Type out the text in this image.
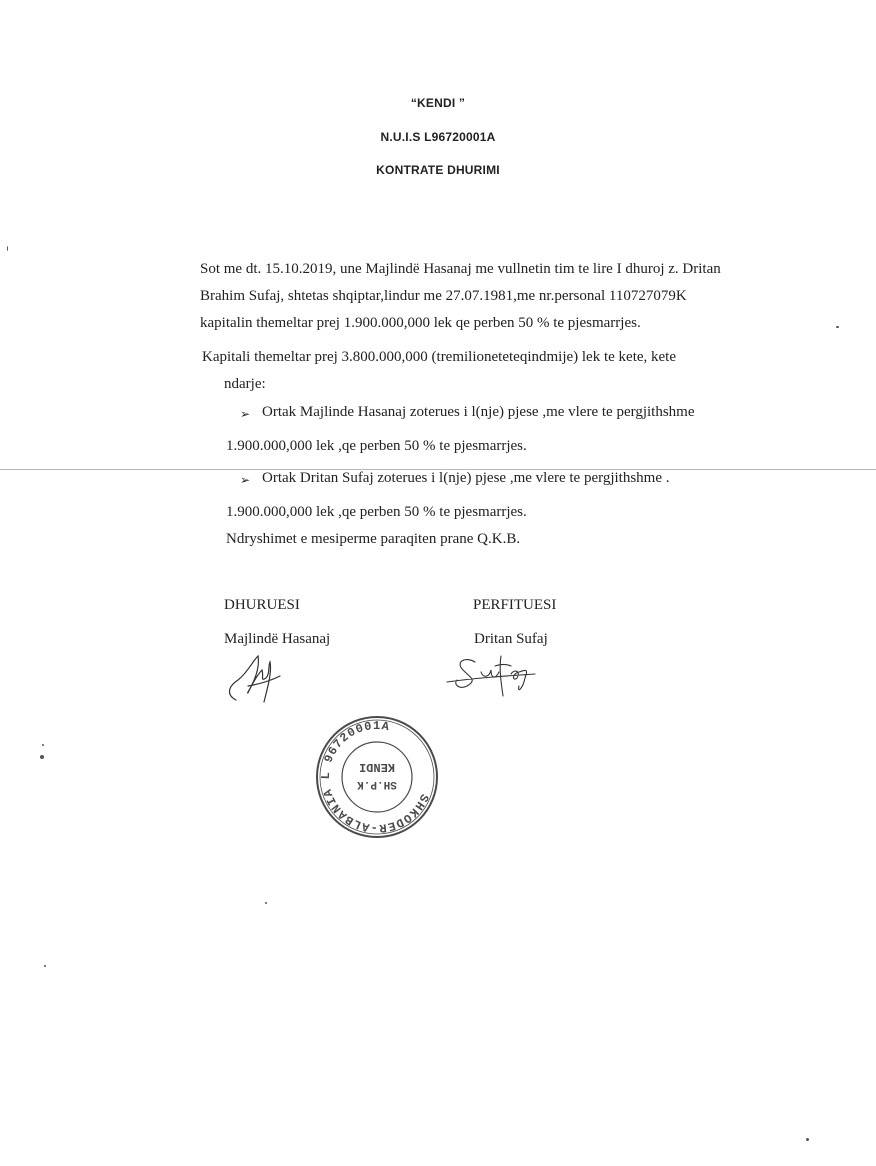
“KENDI ”
N.U.I.S L96720001A
KONTRATE DHURIMI
Sot me dt. 15.10.2019, une Majlindë Hasanaj me vullnetin tim te lire I dhuroj z. Dritan
Brahim Sufaj, shtetas shqiptar,lindur me 27.07.1981,me nr.personal 110727079K
kapitalin themeltar prej 1.900.000,000 lek qe perben 50 % te pjesmarrjes.
Kapitali themeltar prej 3.800.000,000 (tremilioneteteqindmije) lek te kete, kete
ndarje:
➢ Ortak Majlinde Hasanaj zoterues i l(nje) pjese ,me vlere te pergjithshme
1.900.000,000 lek ,qe perben 50 % te pjesmarrjes.
➢ Ortak Dritan Sufaj zoterues i l(nje) pjese ,me vlere te pergjithshme .
1.900.000,000 lek ,qe perben 50 % te pjesmarrjes.
Ndryshimet e mesiperme paraqiten prane Q.K.B.
DHURUESI
Majlindë Hasanaj
PERFITUESI
Dritan Sufaj
SHKODER-ALBANIA L 96720001A
SH.P.K
KENDI
